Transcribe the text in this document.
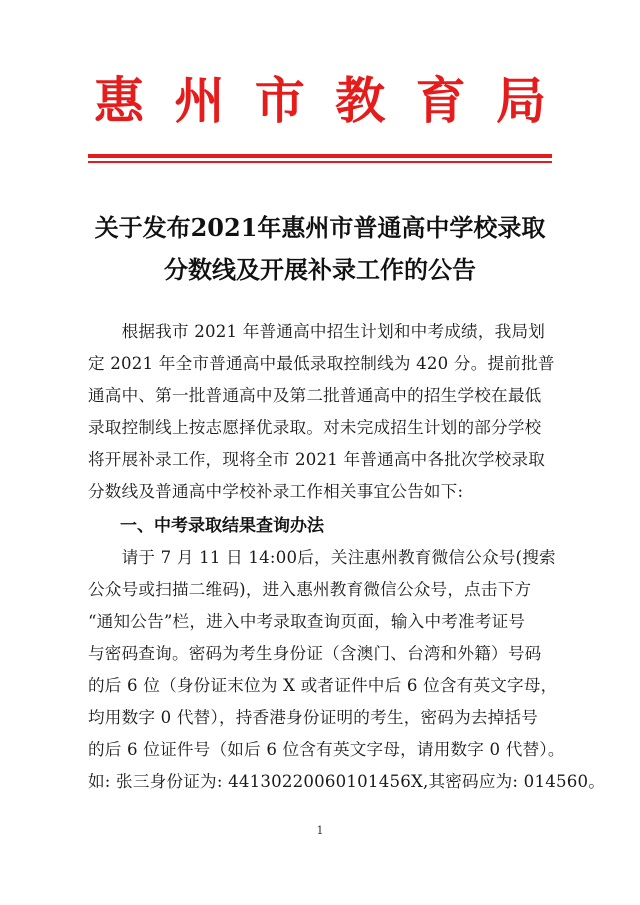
惠 州 市 教 育 局
关于发布2021年惠州市普通高中学校录取
分数线及开展补录工作的公告
　　根据我市 2021 年普通高中招生计划和中考成绩，我局划
定 2021 年全市普通高中最低录取控制线为 420 分。提前批普
通高中、第一批普通高中及第二批普通高中的招生学校在最低
录取控制线上按志愿择优录取。对未完成招生计划的部分学校
将开展补录工作，现将全市 2021 年普通高中各批次学校录取
分数线及普通高中学校补录工作相关事宜公告如下:
一、中考录取结果查询办法
　　请于 7 月 11 日 14:00后，关注惠州教育微信公众号(搜索
公众号或扫描二维码)，进入惠州教育微信公众号，点击下方
“通知公告”栏，进入中考录取查询页面，输入中考准考证号
与密码查询。密码为考生身份证（含澳门、台湾和外籍）号码
的后 6 位（身份证末位为 X 或者证件中后 6 位含有英文字母，
均用数字 0 代替），持香港身份证明的考生，密码为去掉括号
的后 6 位证件号（如后 6 位含有英文字母，请用数字 0 代替）。
如: 张三身份证为: 44130220060101456X,其密码应为: 014560。
1
